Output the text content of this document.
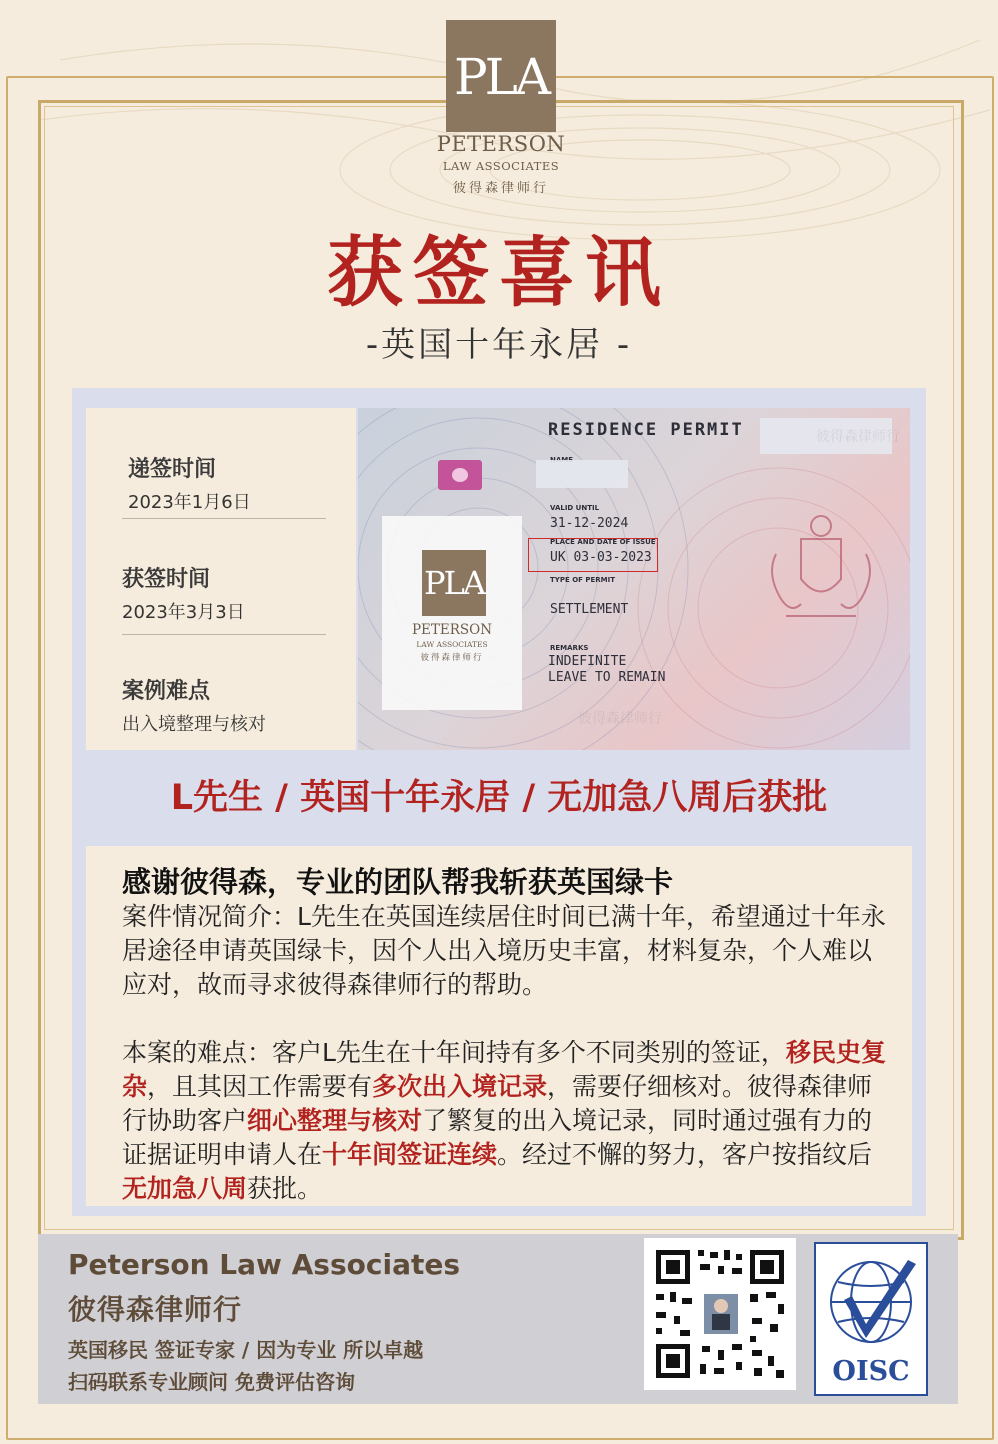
PLA
PETERSON
LAW ASSOCIATES
彼得森律师行
获签喜讯
-英国十年永居 -
递签时间
2023年1月6日
获签时间
2023年3月3日
案例难点
出入境整理与核对
RESIDENCE PERMIT
VALID UNTIL
31-12-2024
PLACE AND DATE OF ISSUE
UK 03-03-2023
TYPE OF PERMIT
SETTLEMENT
REMARKS
INDEFINITE
LEAVE TO REMAIN
PLA
PETERSON
LAW ASSOCIATES
彼得森律师行
彼得森律师行
彼得森律师行
L先生 / 英国十年永居 / 无加急八周后获批
感谢彼得森，专业的团队帮我斩获英国绿卡
案件情况简介：L先生在英国连续居住时间已满十年，希望通过十年永居途径申请英国绿卡，因个人出入境历史丰富，材料复杂，个人难以应对，故而寻求彼得森律师行的帮助。
本案的难点：客户L先生在十年间持有多个不同类别的签证，移民史复杂，且其因工作需要有多次出入境记录，需要仔细核对。彼得森律师行协助客户细心整理与核对了繁复的出入境记录，同时通过强有力的证据证明申请人在十年间签证连续。经过不懈的努力，客户按指纹后无加急八周获批。
Peterson Law Associates
彼得森律师行
英国移民 签证专家 / 因为专业 所以卓越
扫码联系专业顾问 免费评估咨询	OISC
